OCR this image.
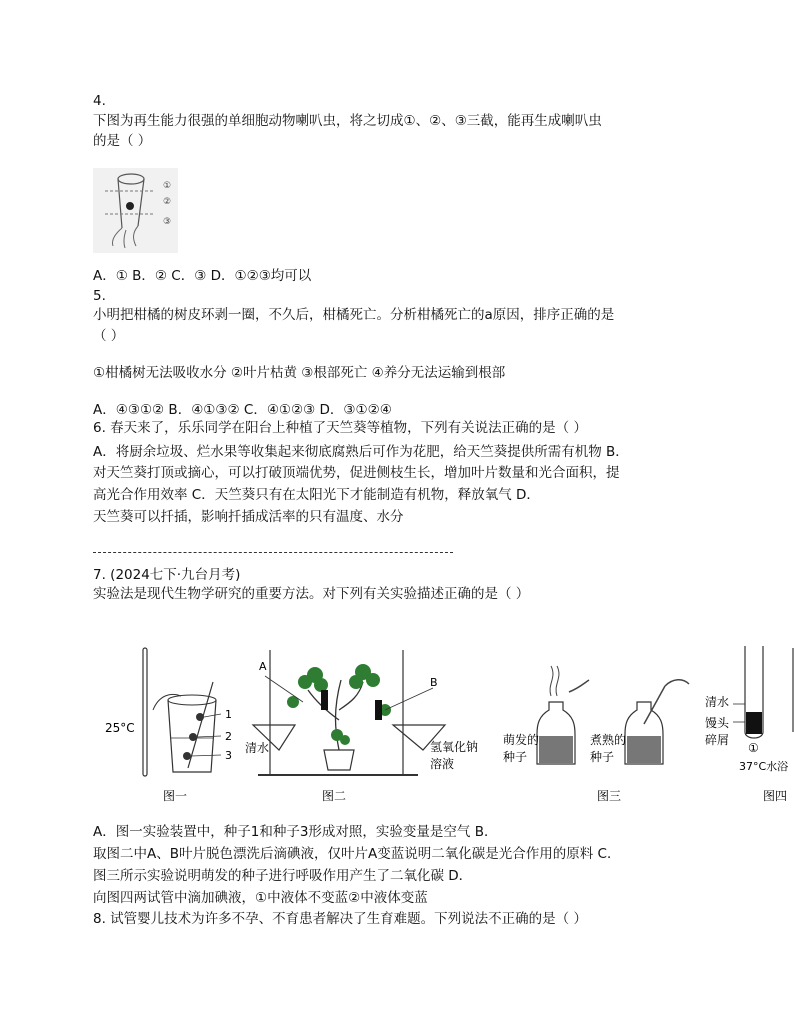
4.

下图为再生能力很强的单细胞动物喇叭虫，将之切成①、②、③三截，能再生成喇叭虫

的是（ ）

①
②
③

A．① B．② C．③ D．①②③均可以

5.

小明把柑橘的树皮环剥一圈，不久后，柑橘死亡。分析柑橘死亡的a原因，排序正确的是

（ ）

①柑橘树无法吸收水分 ②叶片枯黄 ③根部死亡 ④养分无法运输到根部

A．④③①② B．④①③② C．④①②③ D．③①②④

6. 春天来了，乐乐同学在阳台上种植了天竺葵等植物，下列有关说法正确的是（ ）

A．将厨余垃圾、烂水果等收集起来彻底腐熟后可作为花肥，给天竺葵提供所需有机物 B．

对天竺葵打顶或摘心，可以打破顶端优势，促进侧枝生长，增加叶片数量和光合面积，提

高光合作用效率 C．天竺葵只有在太阳光下才能制造有机物，释放氧气 D．

天竺葵可以扦插，影响扦插成活率的只有温度、水分

7. (2024七下·九台月考)

实验法是现代生物学研究的重要方法。对下列有关实验描述正确的是（ ）

25°C
1
2
3
图一
A
B
清水	氢氧化钠
溶液
图二
萌发的
种子
煮熟的
种子
图三
清水
馒头
碎屑
①
37°C水浴
图四

A．图一实验装置中，种子1和种子3形成对照，实验变量是空气 B．

取图二中A、B叶片脱色漂洗后滴碘液，仅叶片A变蓝说明二氧化碳是光合作用的原料 C．

图三所示实验说明萌发的种子进行呼吸作用产生了二氧化碳 D．

向图四两试管中滴加碘液，①中液体不变蓝②中液体变蓝

8. 试管婴儿技术为许多不孕、不育患者解决了生育难题。下列说法不正确的是（ ）
